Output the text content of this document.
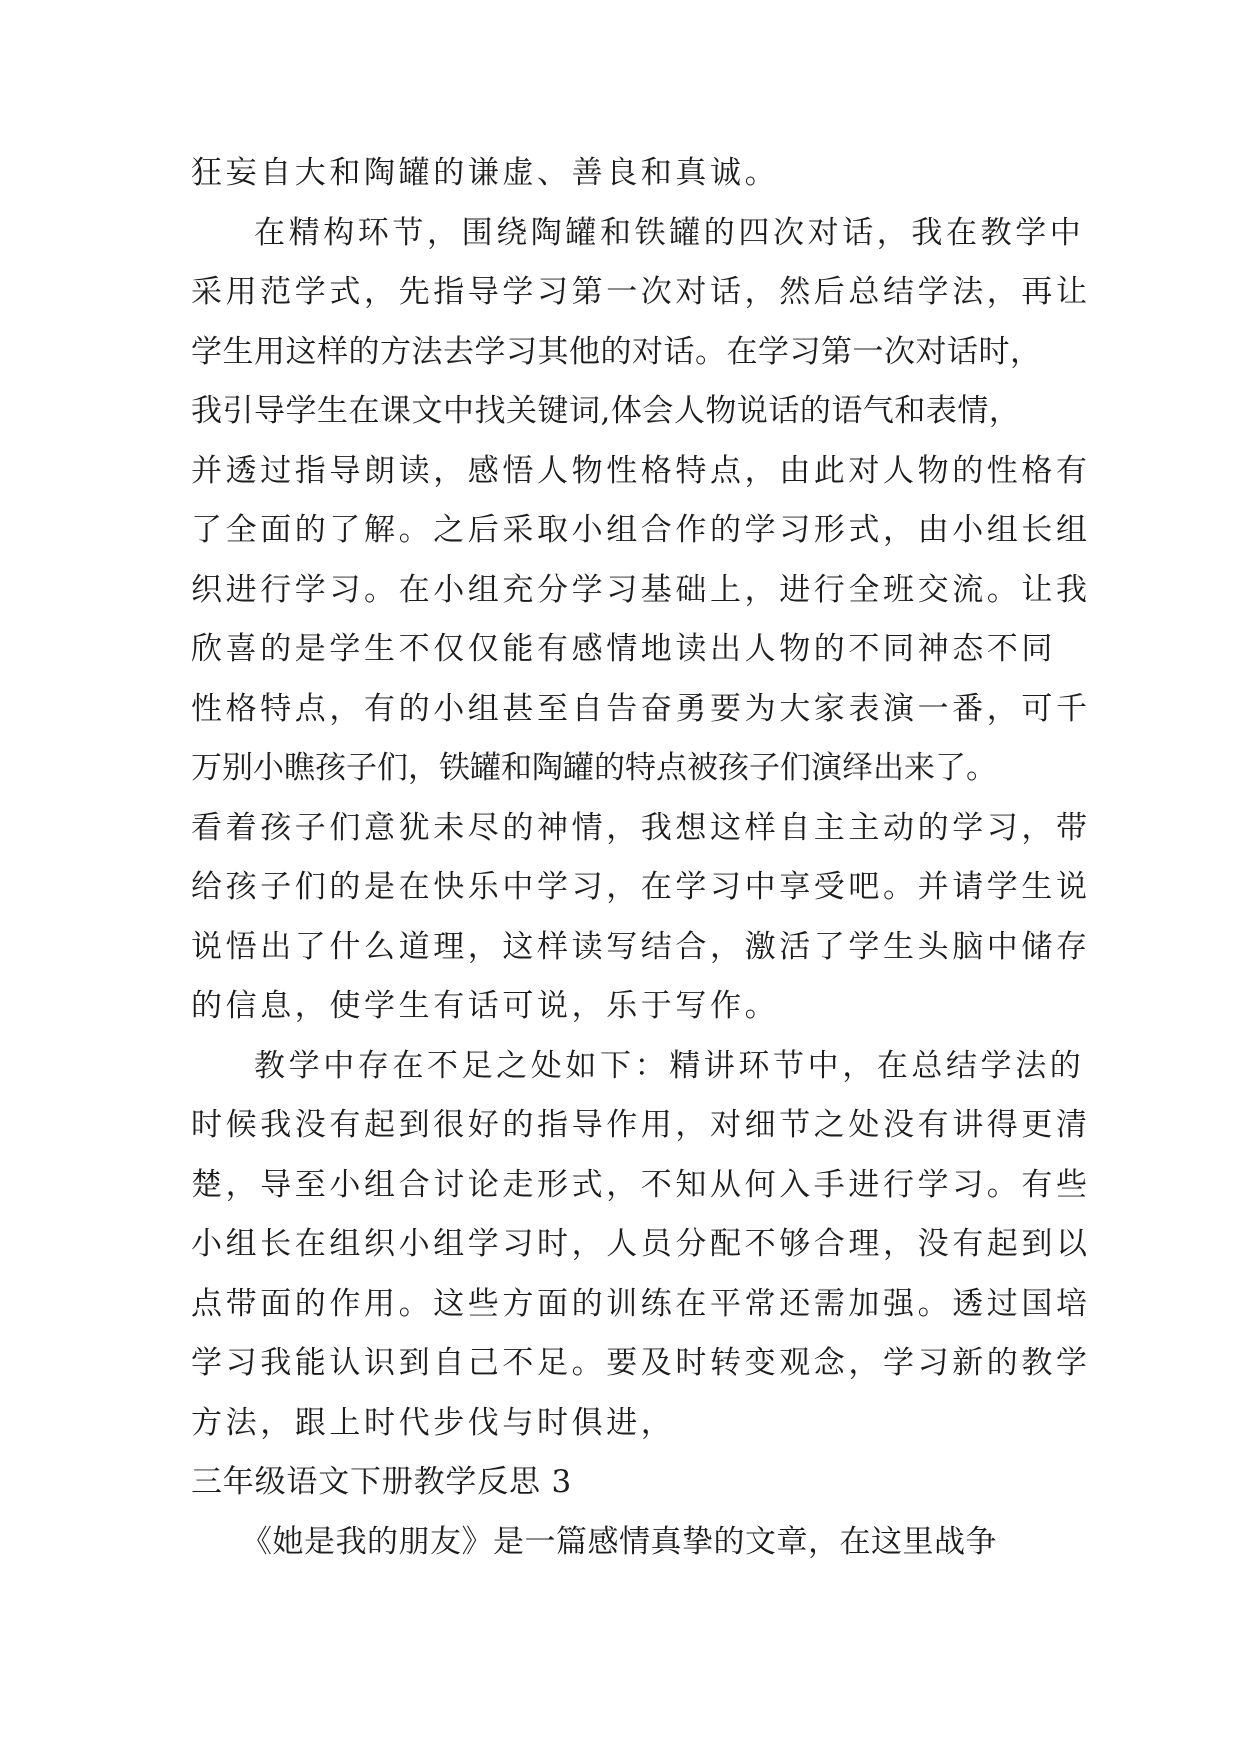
狂妄自大和陶罐的谦虚、善良和真诚。
在精构环节，围绕陶罐和铁罐的四次对话，我在教学中
采用范学式，先指导学习第一次对话，然后总结学法，再让
学生用这样的方法去学习其他的对话。在学习第一次对话时，
我引导学生在课文中找关键词,体会人物说话的语气和表情，
并透过指导朗读，感悟人物性格特点，由此对人物的性格有
了全面的了解。之后采取小组合作的学习形式，由小组长组
织进行学习。在小组充分学习基础上，进行全班交流。让我
欣喜的是学生不仅仅能有感情地读出人物的不同神态不同
性格特点，有的小组甚至自告奋勇要为大家表演一番，可千
万别小瞧孩子们，铁罐和陶罐的特点被孩子们演绎出来了。
看着孩子们意犹未尽的神情，我想这样自主主动的学习，带
给孩子们的是在快乐中学习，在学习中享受吧。并请学生说
说悟出了什么道理，这样读写结合，激活了学生头脑中储存
的信息，使学生有话可说，乐于写作。
教学中存在不足之处如下：精讲环节中，在总结学法的
时候我没有起到很好的指导作用，对细节之处没有讲得更清
楚，导至小组合讨论走形式，不知从何入手进行学习。有些
小组长在组织小组学习时，人员分配不够合理，没有起到以
点带面的作用。这些方面的训练在平常还需加强。透过国培
学习我能认识到自己不足。要及时转变观念，学习新的教学
方法，跟上时代步伐与时俱进，
三年级语文下册教学反思 3
《她是我的朋友》是一篇感情真挚的文章，在这里战争
